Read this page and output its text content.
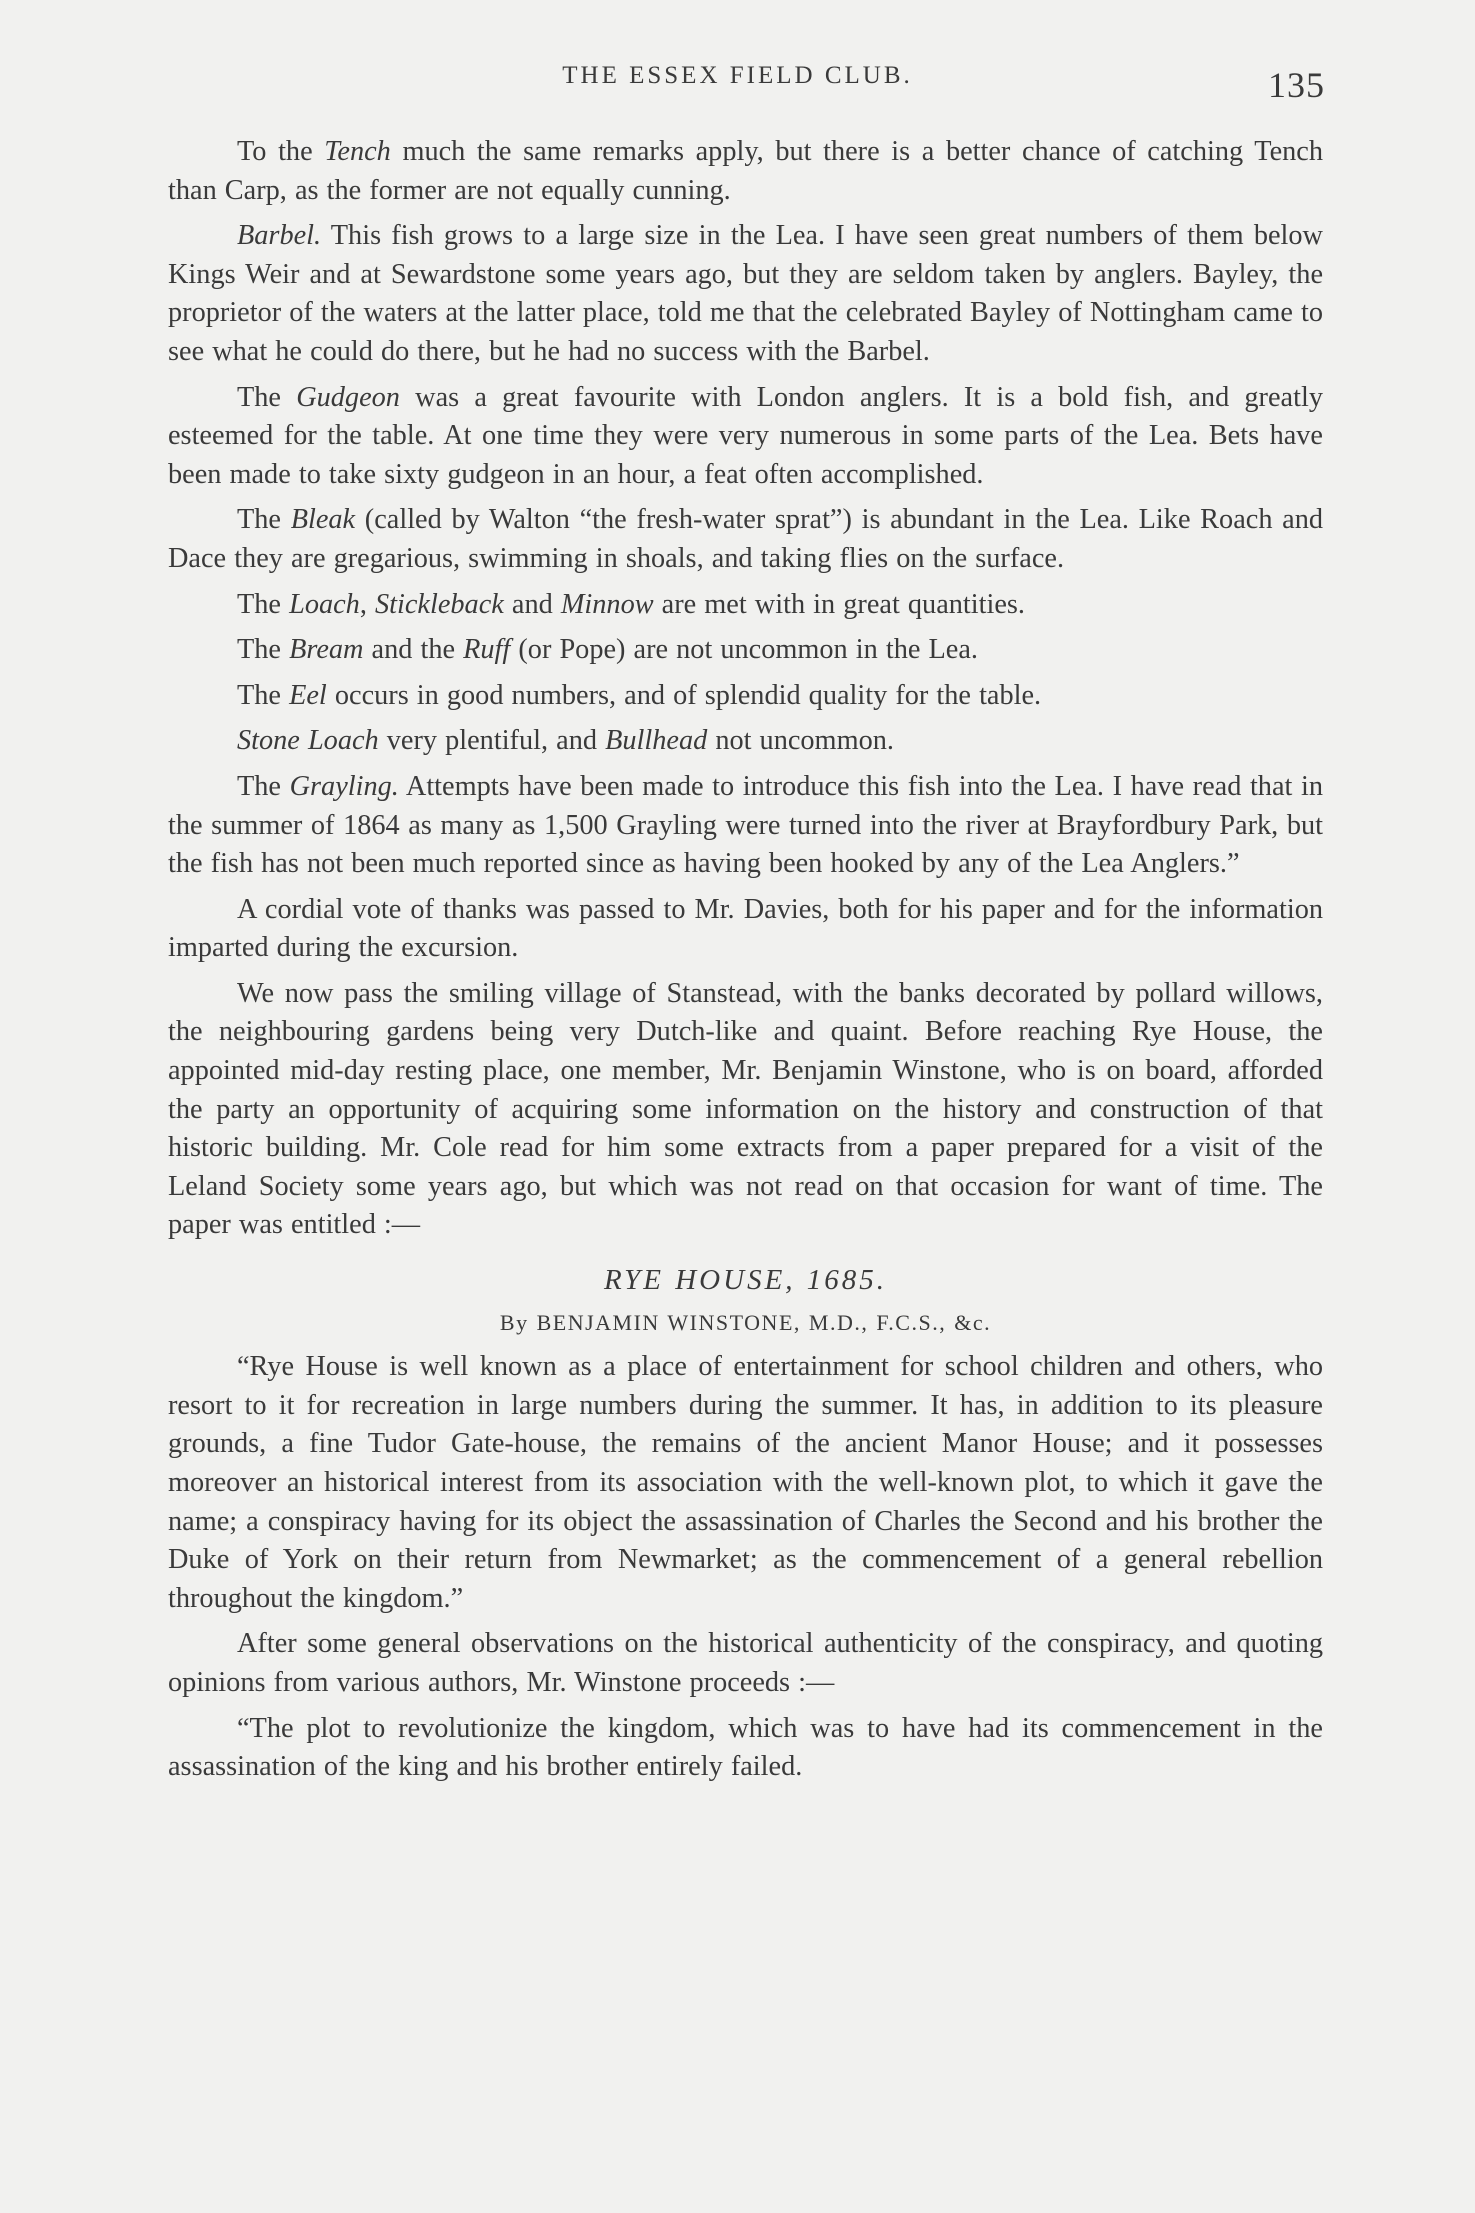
THE ESSEX FIELD CLUB.	135

To the Tench much the same remarks apply, but there is a better chance of catching Tench than Carp, as the former are not equally cunning.

Barbel. This fish grows to a large size in the Lea. I have seen great numbers of them below Kings Weir and at Sewardstone some years ago, but they are seldom taken by anglers. Bayley, the proprietor of the waters at the latter place, told me that the celebrated Bayley of Nottingham came to see what he could do there, but he had no success with the Barbel.

The Gudgeon was a great favourite with London anglers. It is a bold fish, and greatly esteemed for the table. At one time they were very numerous in some parts of the Lea. Bets have been made to take sixty gudgeon in an hour, a feat often accomplished.

The Bleak (called by Walton “the fresh-water sprat”) is abundant in the Lea. Like Roach and Dace they are gregarious, swimming in shoals, and taking flies on the surface.

The Loach, Stickleback and Minnow are met with in great quantities.

The Bream and the Ruff (or Pope) are not uncommon in the Lea.

The Eel occurs in good numbers, and of splendid quality for the table.

Stone Loach very plentiful, and Bullhead not uncommon.

The Grayling. Attempts have been made to introduce this fish into the Lea. I have read that in the summer of 1864 as many as 1,500 Grayling were turned into the river at Brayfordbury Park, but the fish has not been much reported since as having been hooked by any of the Lea Anglers.”

A cordial vote of thanks was passed to Mr. Davies, both for his paper and for the information imparted during the excursion.

We now pass the smiling village of Stanstead, with the banks decorated by pollard willows, the neighbouring gardens being very Dutch-like and quaint. Before reaching Rye House, the appointed mid-day resting place, one member, Mr. Benjamin Winstone, who is on board, afforded the party an opportunity of acquiring some information on the history and construction of that historic building. Mr. Cole read for him some extracts from a paper prepared for a visit of the Leland Society some years ago, but which was not read on that occasion for want of time. The paper was entitled :—

RYE HOUSE, 1685.
By BENJAMIN WINSTONE, M.D., F.C.S., &c.

“Rye House is well known as a place of entertainment for school children and others, who resort to it for recreation in large numbers during the summer. It has, in addition to its pleasure grounds, a fine Tudor Gate-house, the remains of the ancient Manor House; and it possesses moreover an historical interest from its association with the well-known plot, to which it gave the name; a conspiracy having for its object the assassination of Charles the Second and his brother the Duke of York on their return from Newmarket; as the commencement of a general rebellion throughout the kingdom.”

After some general observations on the historical authenticity of the conspiracy, and quoting opinions from various authors, Mr. Winstone proceeds :—

“The plot to revolutionize the kingdom, which was to have had its commencement in the assassination of the king and his brother entirely failed.
